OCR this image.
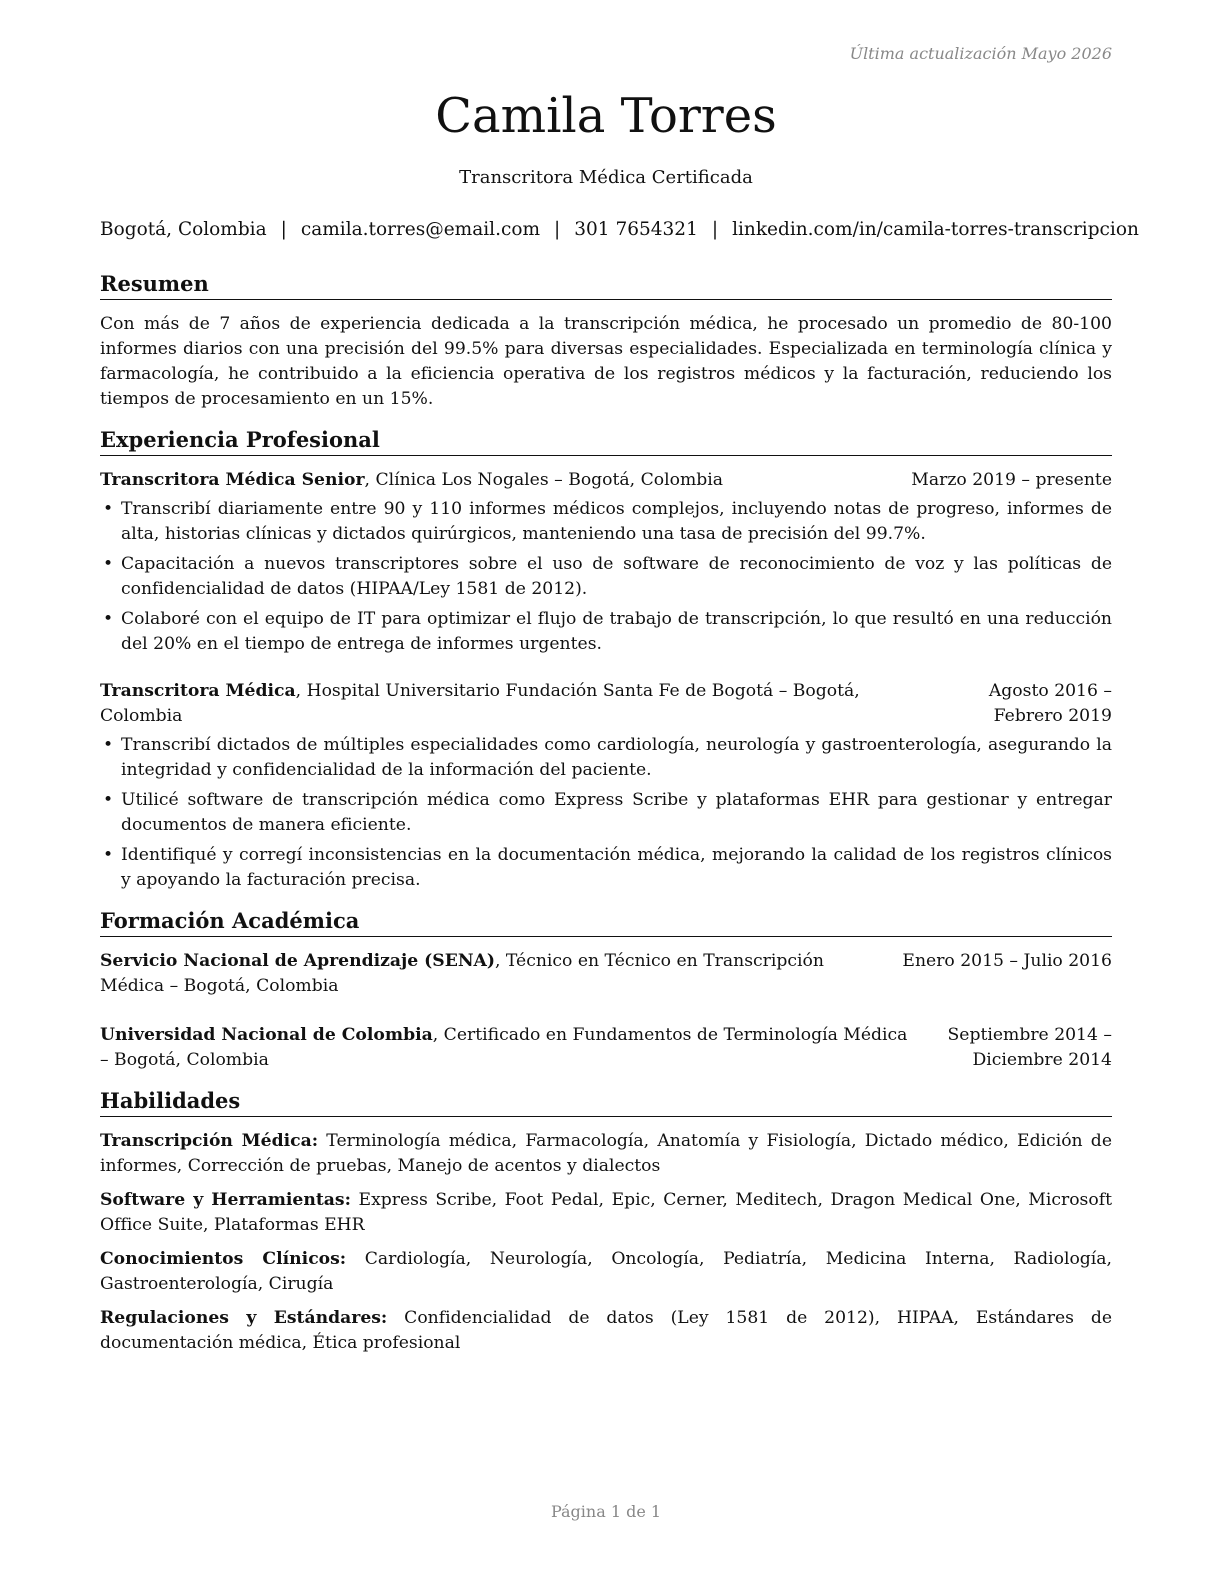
Última actualización Mayo 2026
Camila Torres
Transcritora Médica Certificada
Bogotá, Colombia | camila.torres@email.com | 301 7654321 | linkedin.com/in/camila-torres-transcripcion
Resumen
Con más de 7 años de experiencia dedicada a la transcripción médica, he procesado un promedio de 80-100 informes diarios con una precisión del 99.5% para diversas especialidades. Especializada en terminología clínica y farmacología, he contribuido a la eficiencia operativa de los registros médicos y la facturación, reduciendo los tiempos de procesamiento en un 15%.
Experiencia Profesional
Transcritora Médica Senior, Clínica Los Nogales – Bogotá, Colombia	Marzo 2019 – presente
• Transcribí diariamente entre 90 y 110 informes médicos complejos, incluyendo notas de progreso, informes de alta, historias clínicas y dictados quirúrgicos, manteniendo una tasa de precisión del 99.7%.
• Capacitación a nuevos transcriptores sobre el uso de software de reconocimiento de voz y las políticas de confidencialidad de datos (HIPAA/Ley 1581 de 2012).
• Colaboré con el equipo de IT para optimizar el flujo de trabajo de transcripción, lo que resultó en una reducción del 20% en el tiempo de entrega de informes urgentes.
Transcritora Médica, Hospital Universitario Fundación Santa Fe de Bogotá – Bogotá, Colombia
Agosto 2016 – Febrero 2019
• Transcribí dictados de múltiples especialidades como cardiología, neurología y gastroenterología, asegurando la integridad y confidencialidad de la información del paciente.
• Utilicé software de transcripción médica como Express Scribe y plataformas EHR para gestionar y entregar documentos de manera eficiente.
• Identifiqué y corregí inconsistencias en la documentación médica, mejorando la calidad de los registros clínicos y apoyando la facturación precisa.
Formación Académica
Servicio Nacional de Aprendizaje (SENA), Técnico en Técnico en Transcripción Médica – Bogotá, Colombia
Enero 2015 – Julio 2016
Universidad Nacional de Colombia, Certificado en Fundamentos de Terminología Médica – Bogotá, Colombia
Septiembre 2014 – Diciembre 2014
Habilidades
Transcripción Médica: Terminología médica, Farmacología, Anatomía y Fisiología, Dictado médico, Edición de informes, Corrección de pruebas, Manejo de acentos y dialectos
Software y Herramientas: Express Scribe, Foot Pedal, Epic, Cerner, Meditech, Dragon Medical One, Microsoft Office Suite, Plataformas EHR
Conocimientos Clínicos: Cardiología, Neurología, Oncología, Pediatría, Medicina Interna, Radiología, Gastroenterología, Cirugía
Regulaciones y Estándares: Confidencialidad de datos (Ley 1581 de 2012), HIPAA, Estándares de documentación médica, Ética profesional
Página 1 de 1
